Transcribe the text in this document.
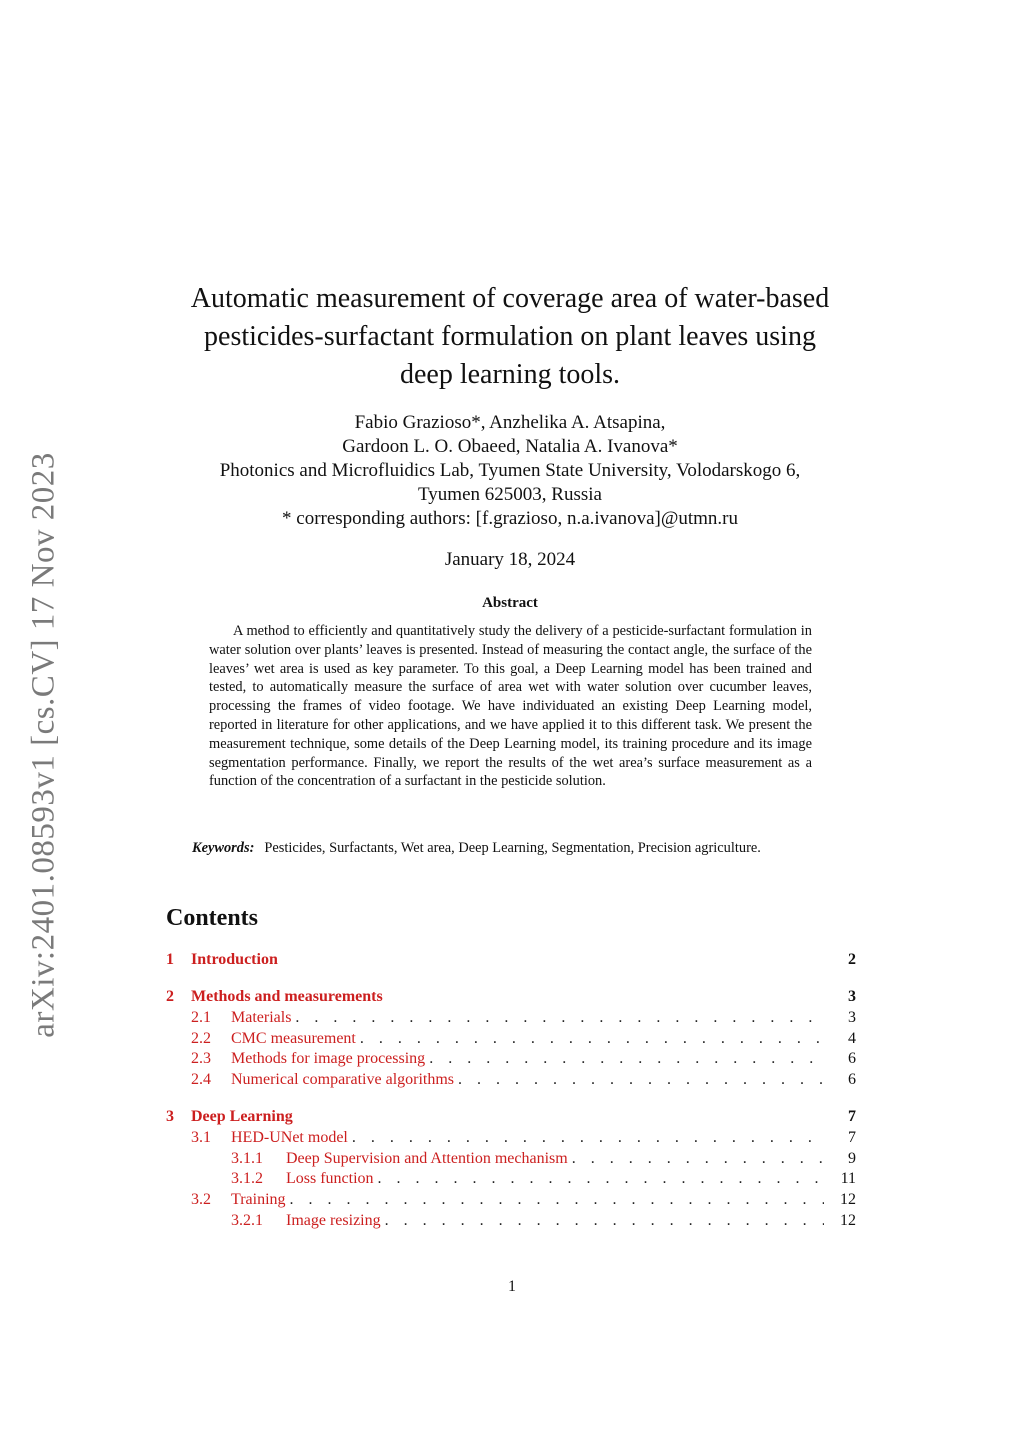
arXiv:2401.08593v1 [cs.CV] 17 Nov 2023
Automatic measurement of coverage area of water-based
pesticides-surfactant formulation on plant leaves using
deep learning tools.
Fabio Grazioso*, Anzhelika A. Atsapina,
Gardoon L. O. Obaeed, Natalia A. Ivanova*
Photonics and Microfluidics Lab, Tyumen State University, Volodarskogo 6,
Tyumen 625003, Russia
* corresponding authors: [f.grazioso, n.a.ivanova]@utmn.ru
January 18, 2024
Abstract
A method to efficiently and quantitatively study the delivery of a pesticide-surfactant formulation in water solution over plants’ leaves is presented. Instead of measuring the contact angle, the surface of the leaves’ wet area is used as key parameter. To this goal, a Deep Learning model has been trained and tested, to automatically measure the surface of area wet with water solution over cucumber leaves, processing the frames of video footage. We have individuated an existing Deep Learning model, reported in literature for other applications, and we have applied it to this different task. We present the measurement technique, some details of the Deep Learning model, its training procedure and its image segmentation performance. Finally, we report the results of the wet area’s surface measurement as a function of the concentration of a surfactant in the pesticide solution.
Keywords: Pesticides, Surfactants, Wet area, Deep Learning, Segmentation, Precision agriculture.
Contents
1	Introduction	2
2	Methods and measurements	3
2.1	Materials . . .	3
2.2	CMC measurement . . .	4
2.3	Methods for image processing . . .	6
2.4	Numerical comparative algorithms . . .	6
3	Deep Learning	7
3.1	HED-UNet model . . .	7
3.1.1	Deep Supervision and Attention mechanism . . .	9
3.1.2	Loss function . . .	11
3.2	Training . . .	12
3.2.1	Image resizing . . .	12
1
